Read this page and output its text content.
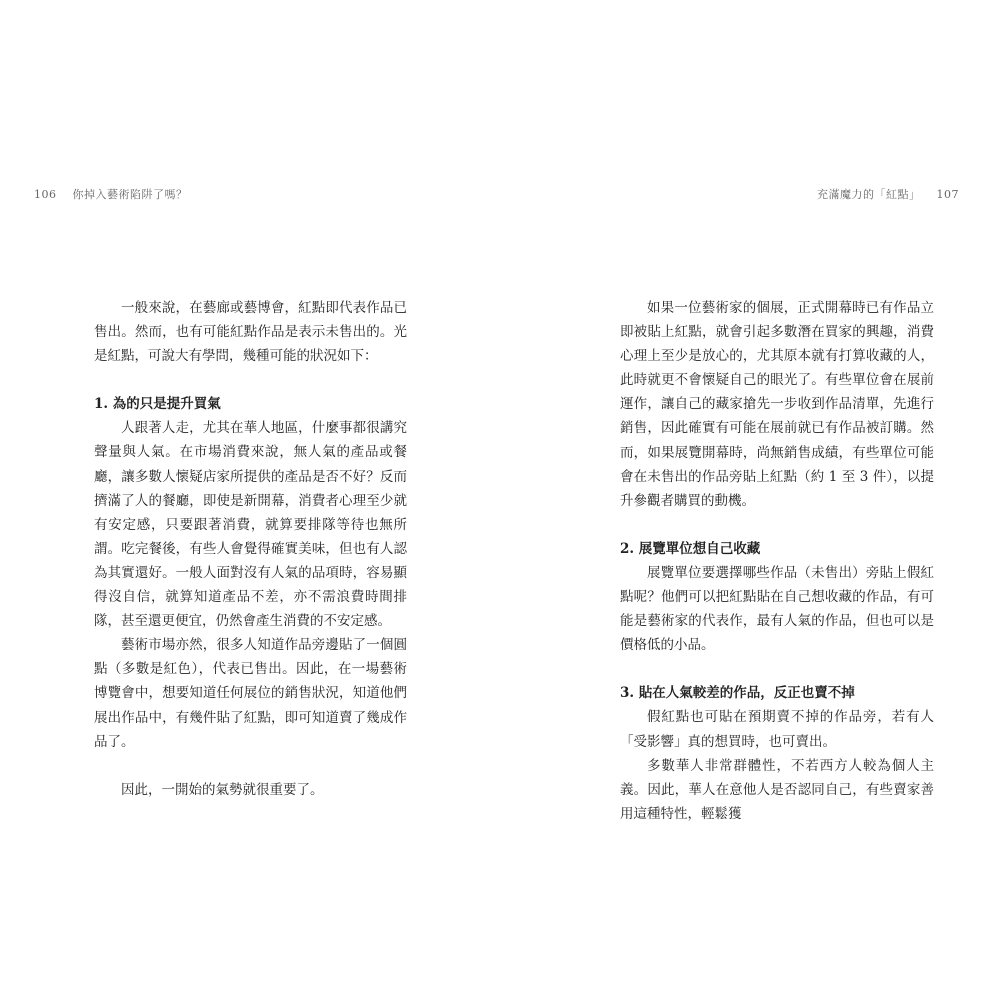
106 你掉入藝術陷阱了嗎？

一般來說，在藝廊或藝博會，紅點即代表作品已售出。然而，也有可能紅點作品是表示未售出的。光是紅點，可說大有學問，幾種可能的狀況如下：

1. 為的只是提升買氣

人跟著人走，尤其在華人地區，什麼事都很講究聲量與人氣。在市場消費來說，無人氣的產品或餐廳，讓多數人懷疑店家所提供的產品是否不好？反而擠滿了人的餐廳，即使是新開幕，消費者心理至少就有安定感，只要跟著消費，就算要排隊等待也無所謂。吃完餐後，有些人會覺得確實美味，但也有人認為其實還好。一般人面對沒有人氣的品項時，容易顯得沒自信，就算知道產品不差，亦不需浪費時間排隊，甚至還更便宜，仍然會產生消費的不安定感。

藝術市場亦然，很多人知道作品旁邊貼了一個圓點（多數是紅色），代表已售出。因此，在一場藝術博覽會中，想要知道任何展位的銷售狀況，知道他們展出作品中，有幾件貼了紅點，即可知道賣了幾成作品了。

因此，一開始的氣勢就很重要了。

充滿魔力的「紅點」 107

如果一位藝術家的個展，正式開幕時已有作品立即被貼上紅點，就會引起多數潛在買家的興趣，消費心理上至少是放心的，尤其原本就有打算收藏的人，此時就更不會懷疑自己的眼光了。有些單位會在展前運作，讓自己的藏家搶先一步收到作品清單，先進行銷售，因此確實有可能在展前就已有作品被訂購。然而，如果展覽開幕時，尚無銷售成績，有些單位可能會在未售出的作品旁貼上紅點（約 1 至 3 件），以提升參觀者購買的動機。

2. 展覽單位想自己收藏

展覽單位要選擇哪些作品（未售出）旁貼上假紅點呢？他們可以把紅點貼在自己想收藏的作品，有可能是藝術家的代表作，最有人氣的作品，但也可以是價格低的小品。

3. 貼在人氣較差的作品，反正也賣不掉

假紅點也可貼在預期賣不掉的作品旁，若有人「受影響」真的想買時，也可賣出。

多數華人非常群體性，不若西方人較為個人主義。因此，華人在意他人是否認同自己，有些賣家善用這種特性，輕鬆獲
